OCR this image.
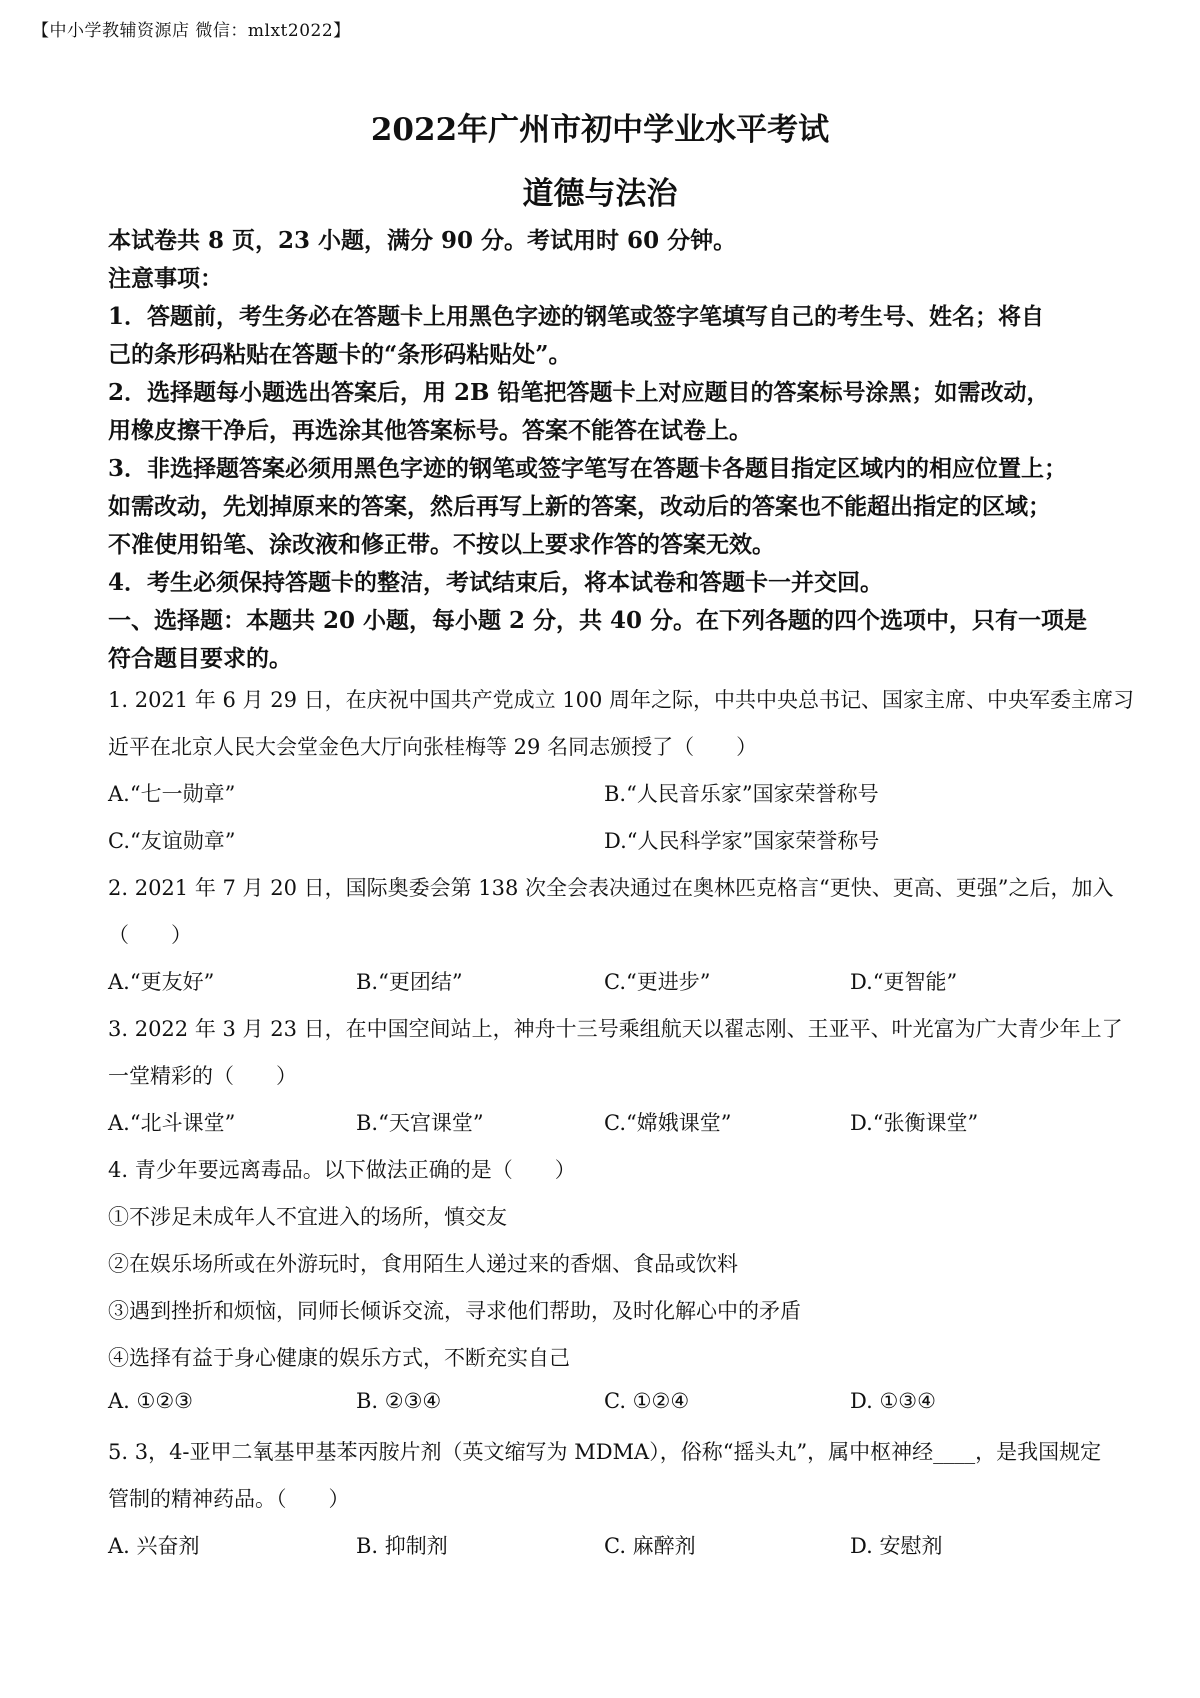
【中小学教辅资源店 微信：mlxt2022】
2022年广州市初中学业水平考试
道德与法治
本试卷共 8 页，23 小题，满分 90 分。考试用时 60 分钟。
注意事项：
1．答题前，考生务必在答题卡上用黑色字迹的钢笔或签字笔填写自己的考生号、姓名；将自
己的条形码粘贴在答题卡的“条形码粘贴处”。
2．选择题每小题选出答案后，用 2B 铅笔把答题卡上对应题目的答案标号涂黑；如需改动，
用橡皮擦干净后，再选涂其他答案标号。答案不能答在试卷上。
3．非选择题答案必须用黑色字迹的钢笔或签字笔写在答题卡各题目指定区域内的相应位置上；
如需改动，先划掉原来的答案，然后再写上新的答案，改动后的答案也不能超出指定的区域；
不准使用铅笔、涂改液和修正带。不按以上要求作答的答案无效。
4．考生必须保持答题卡的整洁，考试结束后，将本试卷和答题卡一并交回。
一、选择题：本题共 20 小题，每小题 2 分，共 40 分。在下列各题的四个选项中，只有一项是
符合题目要求的。
1. 2021 年 6 月 29 日，在庆祝中国共产党成立 100 周年之际，中共中央总书记、国家主席、中央军委主席习
近平在北京人民大会堂金色大厅向张桂梅等 29 名同志颁授了（　　）
A.“七一勋章”	B.“人民音乐家”国家荣誉称号
C.“友谊勋章”	D.“人民科学家”国家荣誉称号
2. 2021 年 7 月 20 日，国际奥委会第 138 次全会表决通过在奥林匹克格言“更快、更高、更强”之后，加入
（　　）
A.“更友好”	B.“更团结”	C.“更进步”	D.“更智能”
3. 2022 年 3 月 23 日，在中国空间站上，神舟十三号乘组航天以翟志刚、王亚平、叶光富为广大青少年上了
一堂精彩的（　　）
A.“北斗课堂”	B.“天宫课堂”	C.“嫦娥课堂”	D.“张衡课堂”
4. 青少年要远离毒品。以下做法正确的是（　　）
①不涉足未成年人不宜进入的场所，慎交友
②在娱乐场所或在外游玩时，食用陌生人递过来的香烟、食品或饮料
③遇到挫折和烦恼，同师长倾诉交流，寻求他们帮助，及时化解心中的矛盾
④选择有益于身心健康的娱乐方式，不断充实自己
A. ①②③	B. ②③④	C. ①②④	D. ①③④
5. 3，4-亚甲二氧基甲基苯丙胺片剂（英文缩写为 MDMA），俗称“摇头丸”，属中枢神经____，是我国规定
管制的精神药品。（　　）
A. 兴奋剂	B. 抑制剂	C. 麻醉剂	D. 安慰剂
